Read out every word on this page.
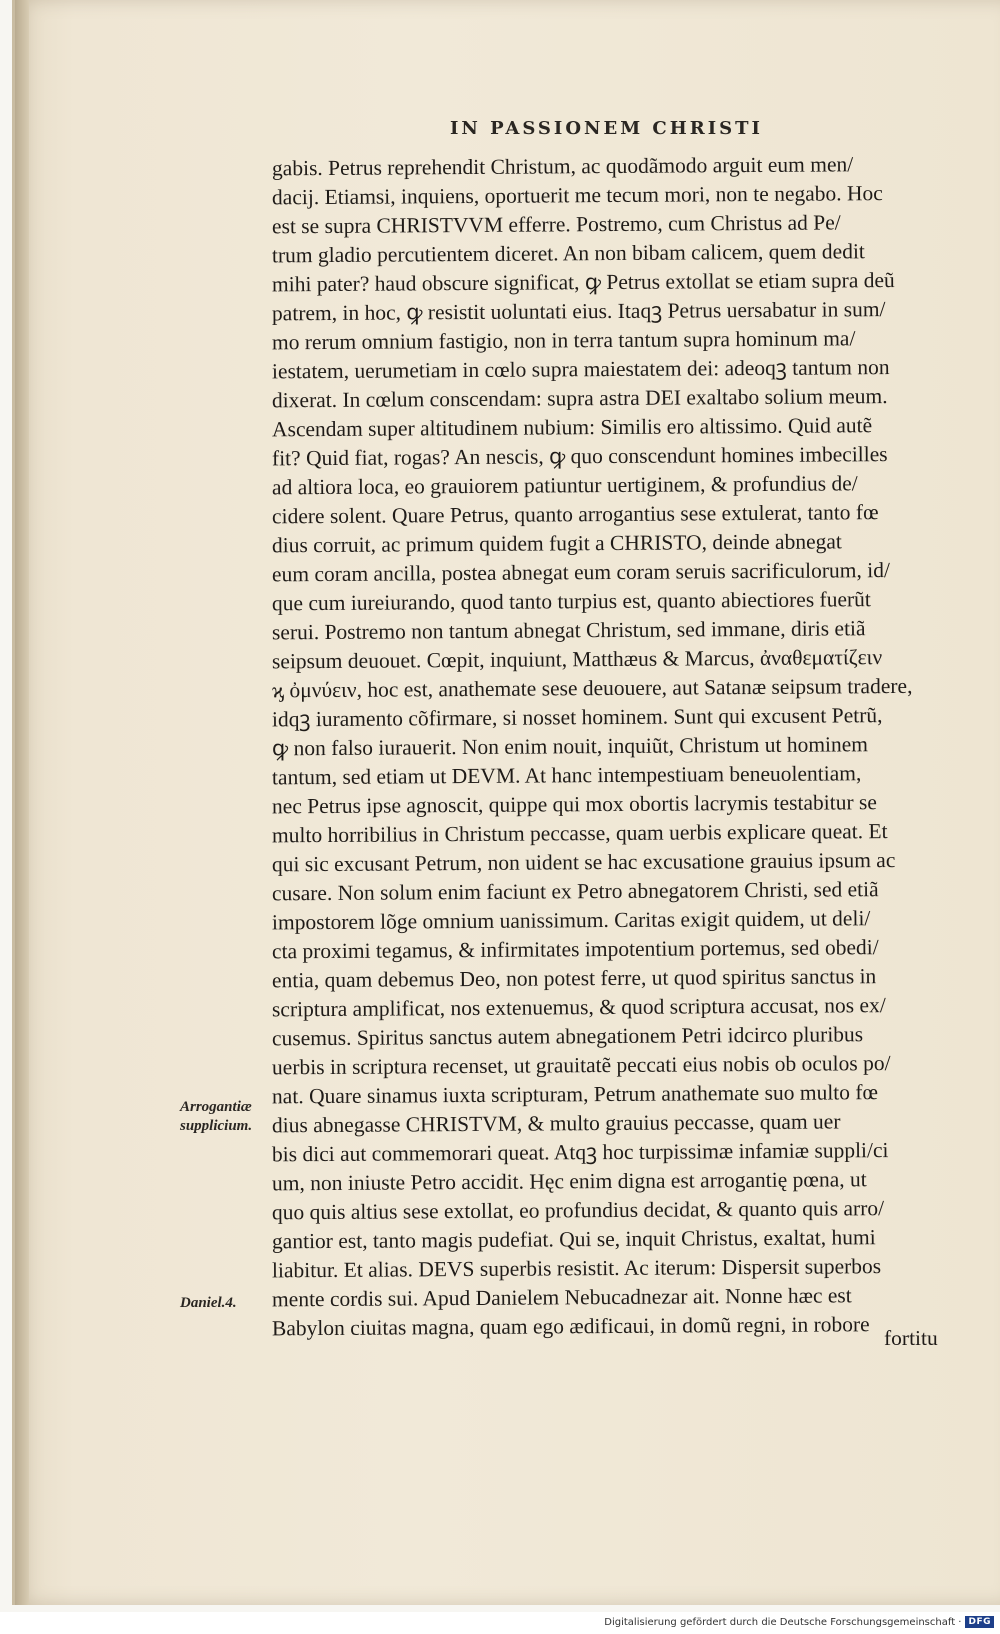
IN PASSIONEM CHRISTI
gabis. Petrus reprehendit Christum, ac quodãmodo arguit eum men/
dacij. Etiamsi, inquiens, oportuerit me tecum mori, non te negabo. Hoc
est se supra CHRISTVVM efferre. Postremo, cum Christus ad Pe/
trum gladio percutientem diceret. An non bibam calicem, quem dedit
mihi pater? haud obscure significat, ꝙ Petrus extollat se etiam supra deũ
patrem, in hoc, ꝙ resistit uoluntati eius. Itaqꝫ Petrus uersabatur in sum/
mo rerum omnium fastigio, non in terra tantum supra hominum ma/
iestatem, uerumetiam in cœlo supra maiestatem dei: adeoqꝫ tantum non
dixerat. In cœlum conscendam: supra astra DEI exaltabo solium meum.
Ascendam super altitudinem nubium: Similis ero altissimo. Quid autẽ
fit? Quid fiat, rogas? An nescis, ꝙ quo conscendunt homines imbecilles
ad altiora loca, eo grauiorem patiuntur uertiginem, & profundius de/
cidere solent. Quare Petrus, quanto arrogantius sese extulerat, tanto fœ
dius corruit, ac primum quidem fugit a CHRISTO, deinde abnegat
eum coram ancilla, postea abnegat eum coram seruis sacrificulorum, id/
que cum iureiurando, quod tanto turpius est, quanto abiectiores fuerũt
serui. Postremo non tantum abnegat Christum, sed immane, diris etiã
seipsum deuouet. Cœpit, inquiunt, Matthæus & Marcus, ἀναθεματίζειν
ϗ ὀμνύειν, hoc est, anathemate sese deuouere, aut Satanæ seipsum tradere,
idqꝫ iuramento cõfirmare, si nosset hominem. Sunt qui excusent Petrũ,
ꝙ non falso iurauerit. Non enim nouit, inquiũt, Christum ut hominem
tantum, sed etiam ut DEVM. At hanc intempestiuam beneuolentiam,
nec Petrus ipse agnoscit, quippe qui mox obortis lacrymis testabitur se
multo horribilius in Christum peccasse, quam uerbis explicare queat. Et
qui sic excusant Petrum, non uident se hac excusatione grauius ipsum ac
cusare. Non solum enim faciunt ex Petro abnegatorem Christi, sed etiã
impostorem lõge omnium uanissimum. Caritas exigit quidem, ut deli/
cta proximi tegamus, & infirmitates impotentium portemus, sed obedi/
entia, quam debemus Deo, non potest ferre, ut quod spiritus sanctus in
scriptura amplificat, nos extenuemus, & quod scriptura accusat, nos ex/
cusemus. Spiritus sanctus autem abnegationem Petri idcirco pluribus
uerbis in scriptura recenset, ut grauitatẽ peccati eius nobis ob oculos po/
nat. Quare sinamus iuxta scripturam, Petrum anathemate suo multo fœ
dius abnegasse CHRISTVM, & multo grauius peccasse, quam uer
bis dici aut commemorari queat. Atqꝫ hoc turpissimæ infamiæ suppli/ci
um, non iniuste Petro accidit. Hęc enim digna est arrogantię pœna, ut
quo quis altius sese extollat, eo profundius decidat, & quanto quis arro/
gantior est, tanto magis pudefiat. Qui se, inquit Christus, exaltat, humi
liabitur. Et alias. DEVS superbis resistit. Ac iterum: Dispersit superbos
mente cordis sui. Apud Danielem Nebucadnezar ait. Nonne hæc est
Babylon ciuitas magna, quam ego ædificaui, in domũ regni, in robore fortitu
Arrogantiæ supplicium.
Daniel.4.
Digitalisierung gefördert durch die Deutsche Forschungsgemeinschaft · DFG
